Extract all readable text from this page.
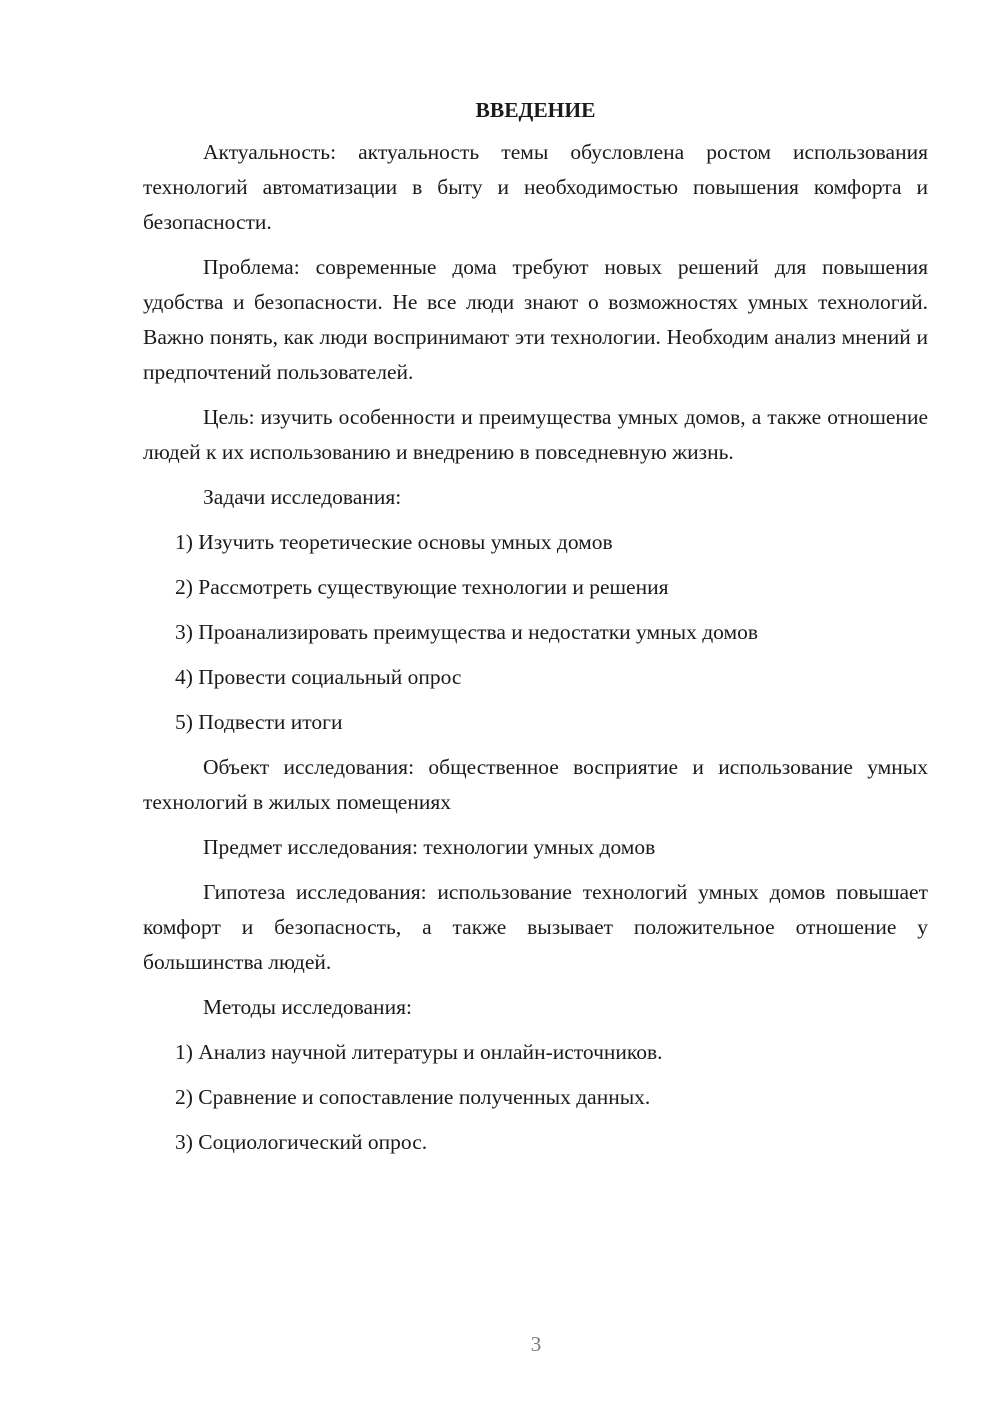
ВВЕДЕНИЕ

Актуальность: актуальность темы обусловлена ростом использования технологий автоматизации в быту и необходимостью повышения комфорта и безопасности.

Проблема: современные дома требуют новых решений для повышения удобства и безопасности. Не все люди знают о возможностях умных технологий. Важно понять, как люди воспринимают эти технологии. Необходим анализ мнений и предпочтений пользователей.

Цель: изучить особенности и преимущества умных домов, а также отношение людей к их использованию и внедрению в повседневную жизнь.

Задачи исследования:

1) Изучить теоретические основы умных домов
2) Рассмотреть существующие технологии и решения
3) Проанализировать преимущества и недостатки умных домов
4) Провести социальный опрос
5) Подвести итоги

Объект исследования: общественное восприятие и использование умных технологий в жилых помещениях

Предмет исследования: технологии умных домов

Гипотеза исследования: использование технологий умных домов повышает комфорт и безопасность, а также вызывает положительное отношение у большинства людей.

Методы исследования:

1) Анализ научной литературы и онлайн-источников.
2) Сравнение и сопоставление полученных данных.
3) Социологический опрос.
3
